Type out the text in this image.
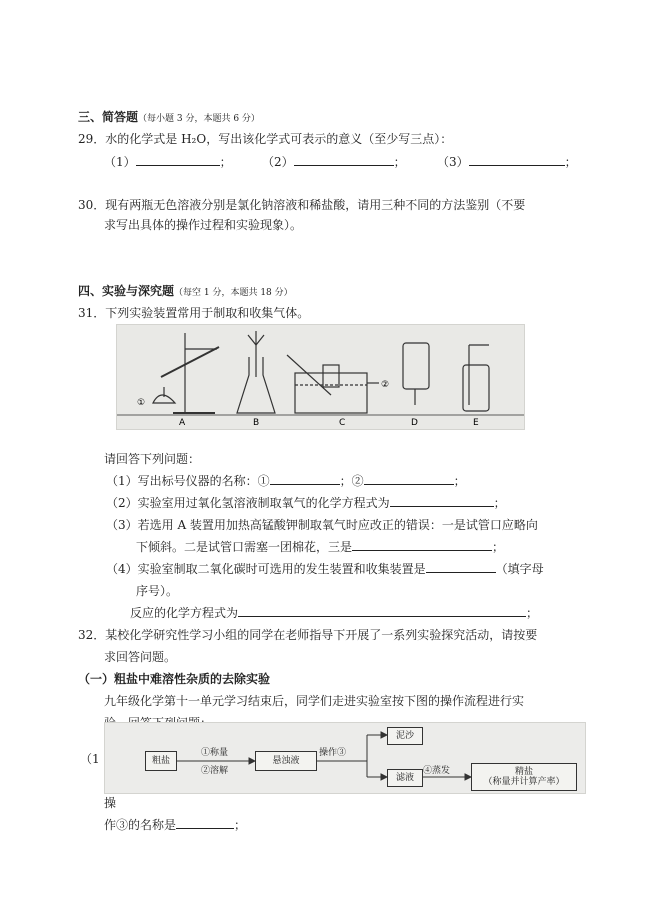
三、简答题（每小题 3 分，本题共 6 分）
29．水的化学式是 H₂O，写出该化学式可表示的意义（至少写三点）：
（1）	；	（2）	；	（3）	；
30．现有两瓶无色溶液分别是氯化钠溶液和稀盐酸，请用三种不同的方法鉴别（不要
求写出具体的操作过程和实验现象）。
四、实验与深究题（每空 1 分，本题共 18 分）
31．下列实验装置常用于制取和收集气体。
①
A	B	C
②
D	E
请回答下列问题：
（1）写出标号仪器的名称：①	；②	；
（2）实验室用过氧化氢溶液制取氧气的化学方程式为	；
（3）若选用 A 装置用加热高锰酸钾制取氧气时应改正的错误：一是试管口应略向
下倾斜。二是试管口需塞一团棉花，三是	；
（4）实验室制取二氧化碳时可选用的发生装置和收集装置是	（填字母
序号）。
反应的化学方程式为	；
32．某校化学研究性学习小组的同学在老师指导下开展了一系列实验探究活动，请按要
求回答问题。
（一）粗盐中难溶性杂质的去除实验
九年级化学第十一单元学习结束后，同学们走进实验室按下图的操作流程进行实
（1	粗盐
①称量
②溶解
悬浊液
操作③
泥沙
滤液
④蒸发	精盐
（称量并计算产率）
操
作③的名称是	；
